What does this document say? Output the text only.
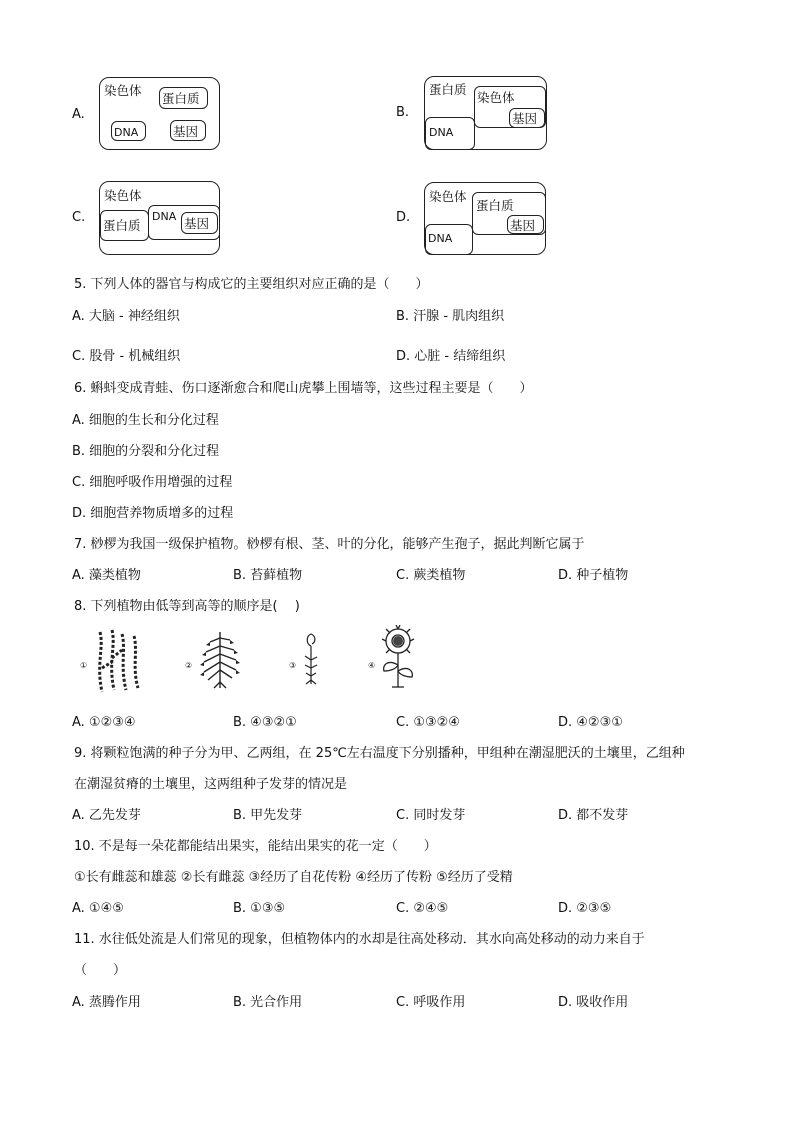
A.
染色体
蛋白质
DNA	基因
B.
蛋白质
染色体
基因
DNA
C.
染色体
蛋白质
DNA 基因	D.
染色体
蛋白质
基因
DNA
5. 下列人体的器官与构成它的主要组织对应正确的是（　　）
A. 大脑 - 神经组织	B. 汗腺 - 肌肉组织
C. 股骨 - 机械组织	D. 心脏 - 结缔组织
6. 蝌蚪变成青蛙、伤口逐渐愈合和爬山虎攀上围墙等，这些过程主要是（　　）
A. 细胞的生长和分化过程
B. 细胞的分裂和分化过程
C. 细胞呼吸作用增强的过程
D. 细胞营养物质增多的过程
7. 桫椤为我国一级保护植物。桫椤有根、茎、叶的分化，能够产生孢子，据此判断它属于
A. 藻类植物	B. 苔藓植物	C. 蕨类植物	D. 种子植物
8. 下列植物由低等到高等的顺序是(　 )
①	②	③	④
A. ①②③④	B. ④③②①	C. ①③②④	D. ④②③①
9. 将颗粒饱满的种子分为甲、乙两组，在 25℃左右温度下分别播种，甲组种在潮湿肥沃的土壤里，乙组种
在潮湿贫瘠的土壤里，这两组种子发芽的情况是
A. 乙先发芽	B. 甲先发芽	C. 同时发芽	D. 都不发芽
10. 不是每一朵花都能结出果实，能结出果实的花一定（　　）
①长有雌蕊和雄蕊 ②长有雌蕊 ③经历了自花传粉 ④经历了传粉 ⑤经历了受精
A. ①④⑤	B. ①③⑤	C. ②④⑤	D. ②③⑤
11. 水往低处流是人们常见的现象，但植物体内的水却是往高处移动．其水向高处移动的动力来自于
（　　）
A. 蒸腾作用	B. 光合作用	C. 呼吸作用	D. 吸收作用
